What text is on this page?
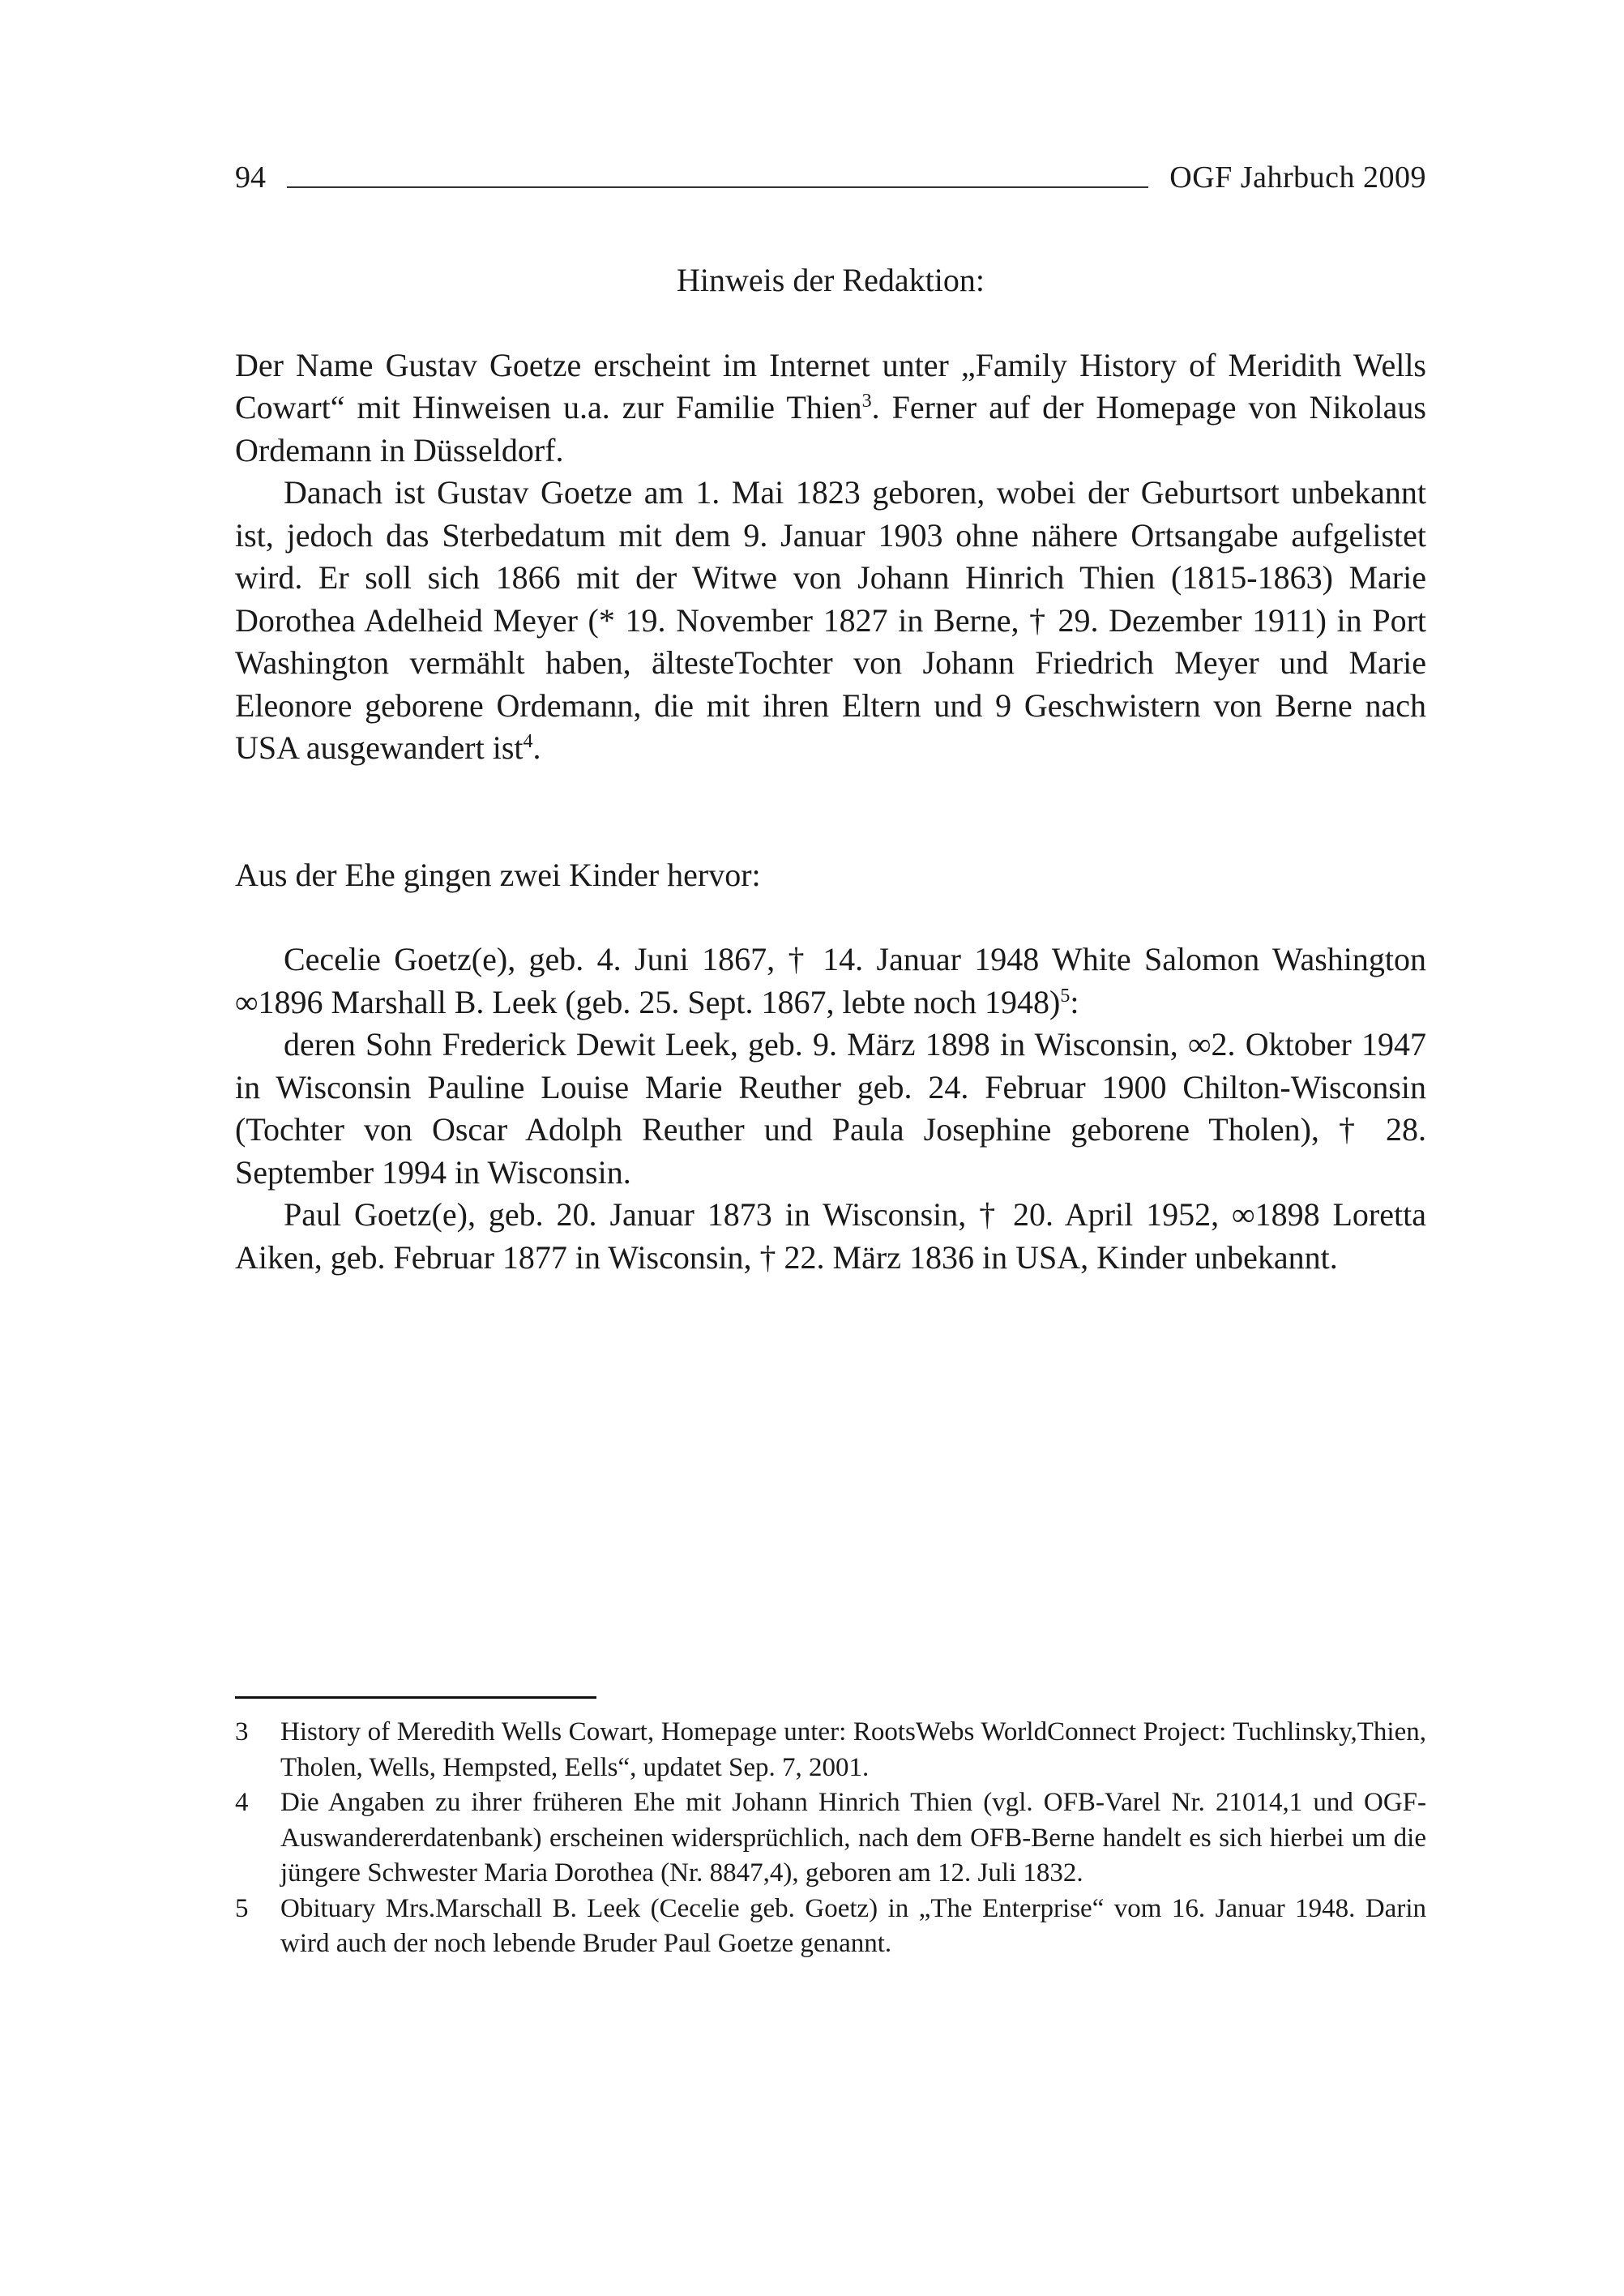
94	OGF Jahrbuch 2009

Hinweis der Redaktion:

Der Name Gustav Goetze erscheint im Internet unter „Family History of Meridith Wells Cowart“ mit Hinweisen u.a. zur Familie Thien$^3$. Ferner auf der Homepage von Nikolaus Ordemann in Düsseldorf.

Danach ist Gustav Goetze am 1. Mai 1823 geboren, wobei der Geburtsort unbekannt ist, jedoch das Sterbedatum mit dem 9. Januar 1903 ohne nähere Ortsangabe aufgelistet wird. Er soll sich 1866 mit der Witwe von Johann Hinrich Thien (1815-1863) Marie Dorothea Adelheid Meyer (* 19. November 1827 in Berne, † 29. Dezember 1911) in Port Washington vermählt haben, ältesteTochter von Johann Friedrich Meyer und Marie Eleonore geborene Ordemann, die mit ihren Eltern und 9 Geschwistern von Berne nach USA ausgewandert ist$^4$.

Aus der Ehe gingen zwei Kinder hervor:

Cecelie Goetz(e), geb. 4. Juni 1867, † 14. Januar 1948 White Salomon Washington ∞1896 Marshall B. Leek (geb. 25. Sept. 1867, lebte noch 1948)$^5$:

deren Sohn Frederick Dewit Leek, geb. 9. März 1898 in Wisconsin, ∞2. Oktober 1947 in Wisconsin Pauline Louise Marie Reuther geb. 24. Februar 1900 Chilton-Wisconsin (Tochter von Oscar Adolph Reuther und Paula Josephine geborene Tholen), † 28. September 1994 in Wisconsin.

Paul Goetz(e), geb. 20. Januar 1873 in Wisconsin, † 20. April 1952, ∞1898 Loretta Aiken, geb. Februar 1877 in Wisconsin, † 22. März 1836 in USA, Kinder unbekannt.

3	History of Meredith Wells Cowart, Homepage unter: RootsWebs WorldConnect Project: Tuchlinsky,Thien, Tholen, Wells, Hempsted, Eells“, updatet Sep. 7, 2001.
4	Die Angaben zu ihrer früheren Ehe mit Johann Hinrich Thien (vgl. OFB-Varel Nr. 21014,1 und OGF-Auswandererdatenbank) erscheinen widersprüchlich, nach dem OFB-Berne handelt es sich hierbei um die jüngere Schwester Maria Dorothea (Nr. 8847,4), geboren am 12. Juli 1832.
5	Obituary Mrs.Marschall B. Leek (Cecelie geb. Goetz) in „The Enterprise“ vom 16. Januar 1948. Darin wird auch der noch lebende Bruder Paul Goetze genannt.
